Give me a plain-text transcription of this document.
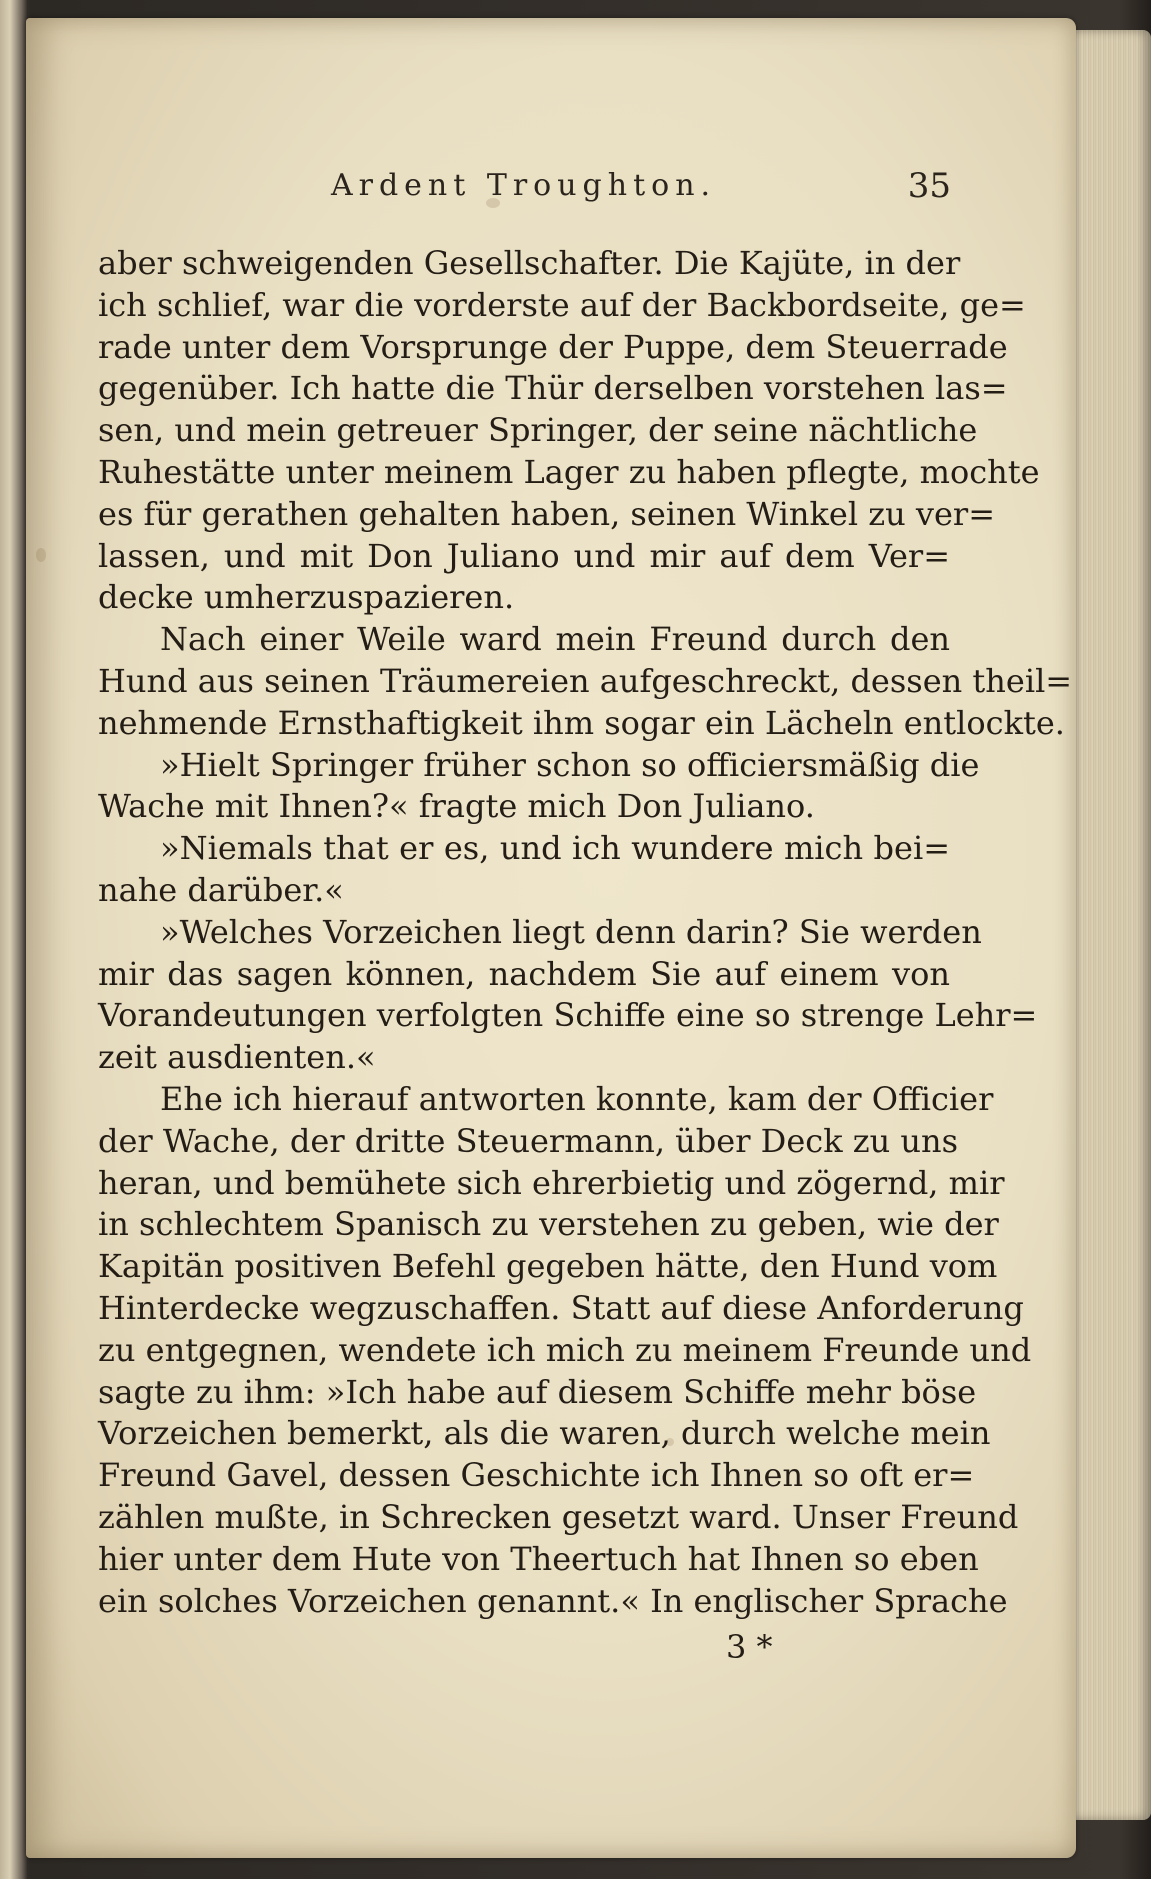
Ardent Troughton.	35
aber schweigenden Gesellschafter. Die Kajüte, in der
ich schlief, war die vorderste auf der Backbordseite, ge=
rade unter dem Vorsprunge der Puppe, dem Steuerrade
gegenüber. Ich hatte die Thür derselben vorstehen las=
sen, und mein getreuer Springer, der seine nächtliche
Ruhestätte unter meinem Lager zu haben pflegte, mochte
es für gerathen gehalten haben, seinen Winkel zu ver=
lassen, und mit Don Juliano und mir auf dem Ver=
decke umherzuspazieren.
Nach einer Weile ward mein Freund durch den
Hund aus seinen Träumereien aufgeschreckt, dessen theil=
nehmende Ernsthaftigkeit ihm sogar ein Lächeln entlockte.
»Hielt Springer früher schon so officiersmäßig die
Wache mit Ihnen?« fragte mich Don Juliano.
»Niemals that er es, und ich wundere mich bei=
nahe darüber.«
»Welches Vorzeichen liegt denn darin? Sie werden
mir das sagen können, nachdem Sie auf einem von
Vorandeutungen verfolgten Schiffe eine so strenge Lehr=
zeit ausdienten.«
Ehe ich hierauf antworten konnte, kam der Officier
der Wache, der dritte Steuermann, über Deck zu uns
heran, und bemühete sich ehrerbietig und zögernd, mir
in schlechtem Spanisch zu verstehen zu geben, wie der
Kapitän positiven Befehl gegeben hätte, den Hund vom
Hinterdecke wegzuschaffen. Statt auf diese Anforderung
zu entgegnen, wendete ich mich zu meinem Freunde und
sagte zu ihm: »Ich habe auf diesem Schiffe mehr böse
Vorzeichen bemerkt, als die waren, durch welche mein
Freund Gavel, dessen Geschichte ich Ihnen so oft er=
zählen mußte, in Schrecken gesetzt ward. Unser Freund
hier unter dem Hute von Theertuch hat Ihnen so eben
ein solches Vorzeichen genannt.« In englischer Sprache
3 *
